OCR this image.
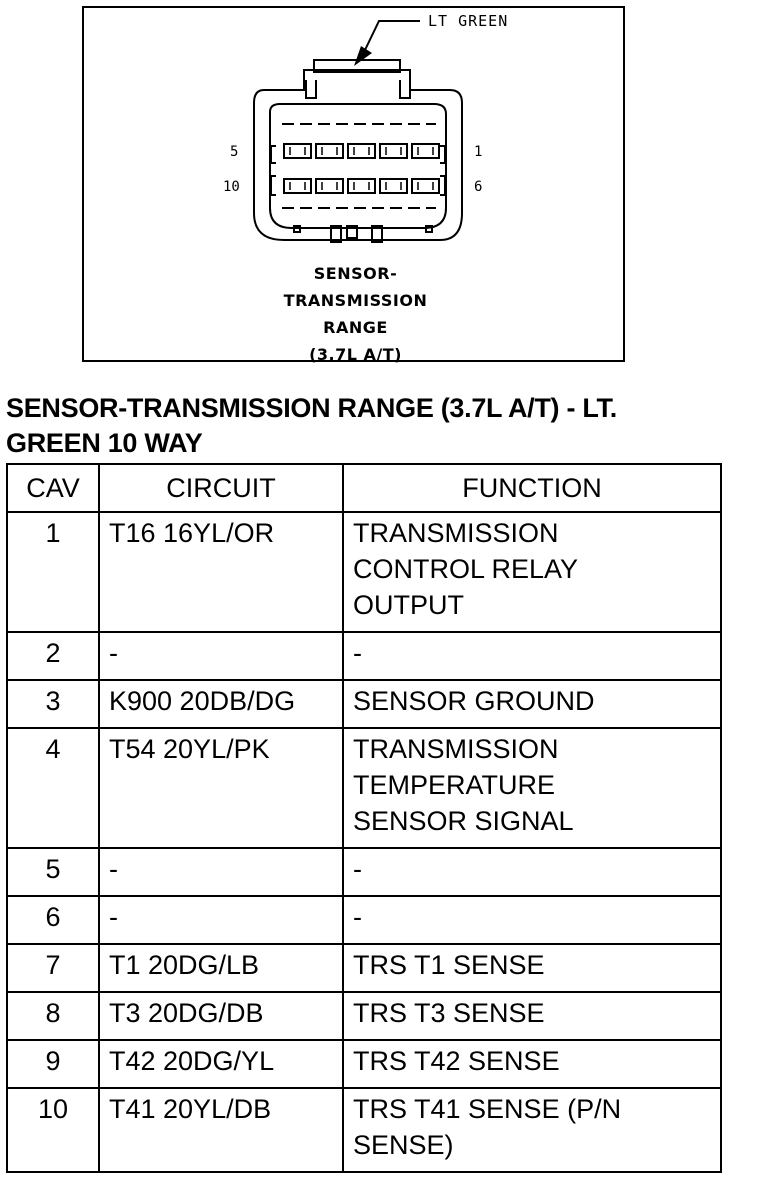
LT GREEN
5
10
1
6
SENSOR-
TRANSMISSION
RANGE
(3.7L A/T)
SENSOR-TRANSMISSION RANGE (3.7L A/T) - LT.
GREEN 10 WAY
CAV	CIRCUIT	FUNCTION
1	T16 16YL/OR	TRANSMISSION
CONTROL RELAY
OUTPUT

2	-	-

3	K900 20DB/DG	SENSOR GROUND

4	T54 20YL/PK	TRANSMISSION
TEMPERATURE
SENSOR SIGNAL

5	-	-

6	-	-

7	T1 20DG/LB	TRS T1 SENSE

8	T3 20DG/DB	TRS T3 SENSE

9	T42 20DG/YL	TRS T42 SENSE

10	T41 20YL/DB	TRS T41 SENSE (P/N
SENSE)
